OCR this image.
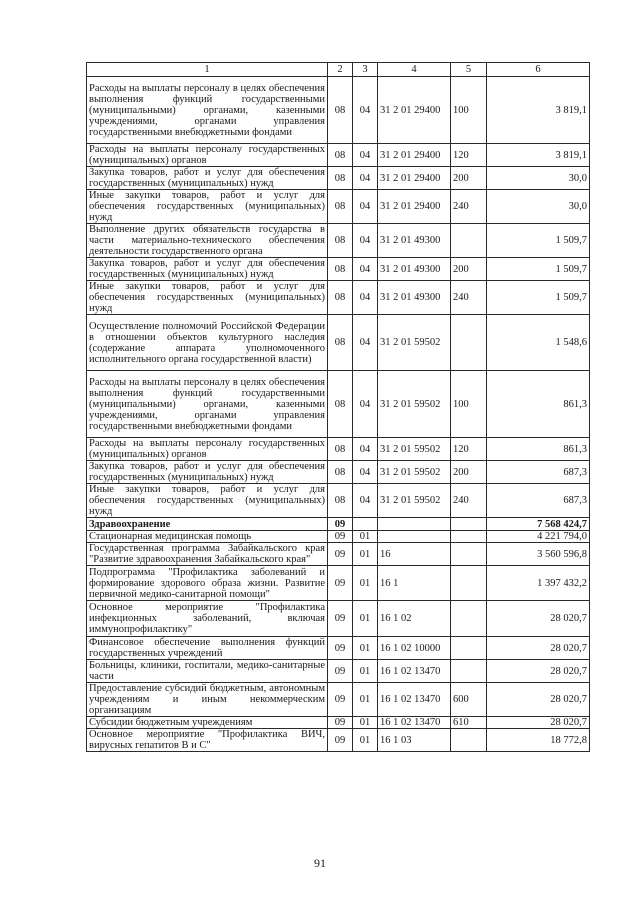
1	2	3	4	5	6
Расходы на выплаты персоналу в целях обеспечения выполнения функций государственными (муниципальными) органами, казенными учреждениями, органами управления государственными внебюджетными фондами	08	04	31 2 01 29400	100	3 819,1
Расходы на выплаты персоналу государственных (муниципальных) органов	08	04	31 2 01 29400	120	3 819,1
Закупка товаров, работ и услуг для обеспечения государственных (муниципальных) нужд	08	04	31 2 01 29400	200	30,0
Иные закупки товаров, работ и услуг для обеспечения государственных (муниципальных) нужд	08	04	31 2 01 29400	240	30,0
Выполнение других обязательств государства в части материально-технического обеспечения деятельности государственного органа	08	04	31 2 01 49300		1 509,7
Закупка товаров, работ и услуг для обеспечения государственных (муниципальных) нужд	08	04	31 2 01 49300	200	1 509,7
Иные закупки товаров, работ и услуг для обеспечения государственных (муниципальных) нужд	08	04	31 2 01 49300	240	1 509,7
Осуществление полномочий Российской Федерации в отношении объектов культурного наследия (содержание аппарата уполномоченного исполнительного органа государственной власти)	08	04	31 2 01 59502		1 548,6
Расходы на выплаты персоналу в целях обеспечения выполнения функций государственными (муниципальными) органами, казенными учреждениями, органами управления государственными внебюджетными фондами	08	04	31 2 01 59502	100	861,3
Расходы на выплаты персоналу государственных (муниципальных) органов	08	04	31 2 01 59502	120	861,3
Закупка товаров, работ и услуг для обеспечения государственных (муниципальных) нужд	08	04	31 2 01 59502	200	687,3
Иные закупки товаров, работ и услуг для обеспечения государственных (муниципальных) нужд	08	04	31 2 01 59502	240	687,3
Здравоохранение	09				7 568 424,7
Стационарная медицинская помощь	09	01			4 221 794,0
Государственная программа Забайкальского края "Развитие здравоохранения Забайкальского края"	09	01	16		3 560 596,8
Подпрограмма "Профилактика заболеваний и формирование здорового образа жизни. Развитие первичной медико-санитарной помощи"	09	01	16 1		1 397 432,2
Основное мероприятие "Профилактика инфекционных заболеваний, включая иммунопрофилактику"	09	01	16 1 02		28 020,7
Финансовое обеспечение выполнения функций государственных учреждений	09	01	16 1 02 10000		28 020,7
Больницы, клиники, госпитали, медико-санитарные части	09	01	16 1 02 13470		28 020,7
Предоставление субсидий бюджетным, автономным учреждениям и иным некоммерческим организациям	09	01	16 1 02 13470	600	28 020,7
Субсидии бюджетным учреждениям	09	01	16 1 02 13470	610	28 020,7
Основное мероприятие "Профилактика ВИЧ, вирусных гепатитов В и С"	09	01	16 1 03		18 772,8
91
